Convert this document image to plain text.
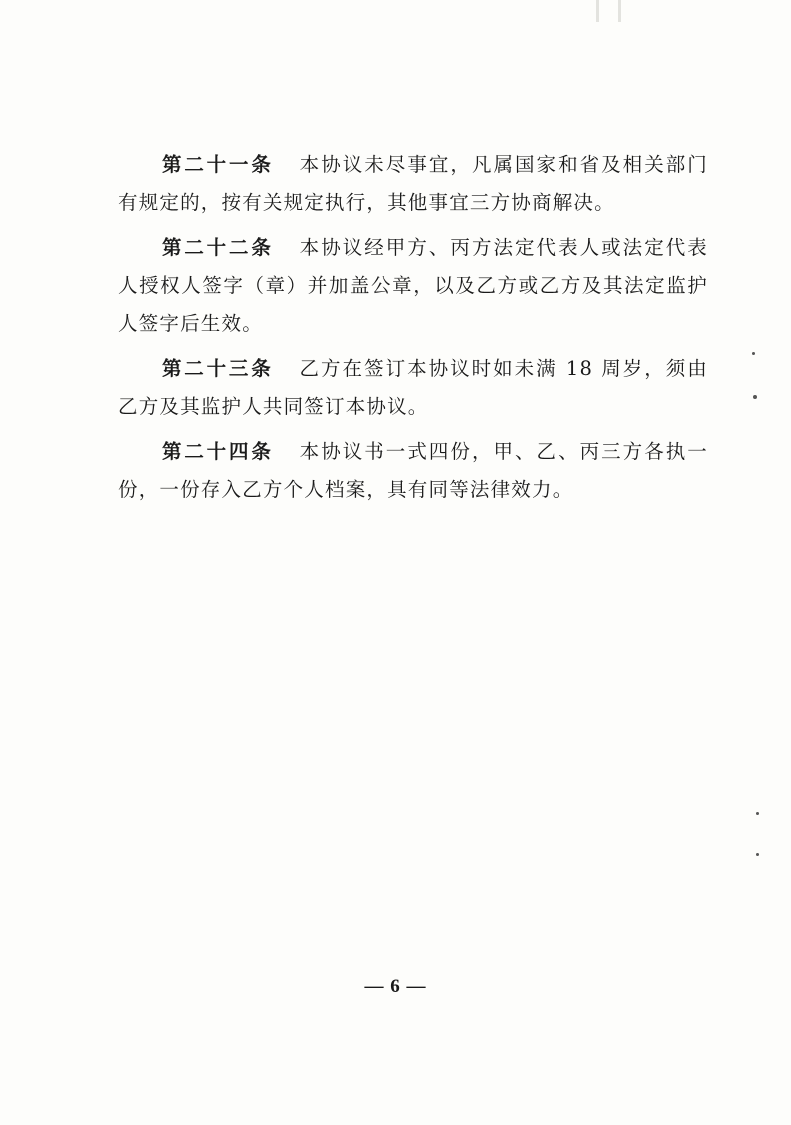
第二十一条 本协议未尽事宜，凡属国家和省及相关部门有规定的，按有关规定执行，其他事宜三方协商解决。

第二十二条 本协议经甲方、丙方法定代表人或法定代表人授权人签字（章）并加盖公章，以及乙方或乙方及其法定监护人签字后生效。

第二十三条 乙方在签订本协议时如未满 18 周岁，须由乙方及其监护人共同签订本协议。

第二十四条 本协议书一式四份，甲、乙、丙三方各执一份，一份存入乙方个人档案，具有同等法律效力。

— 6 —
